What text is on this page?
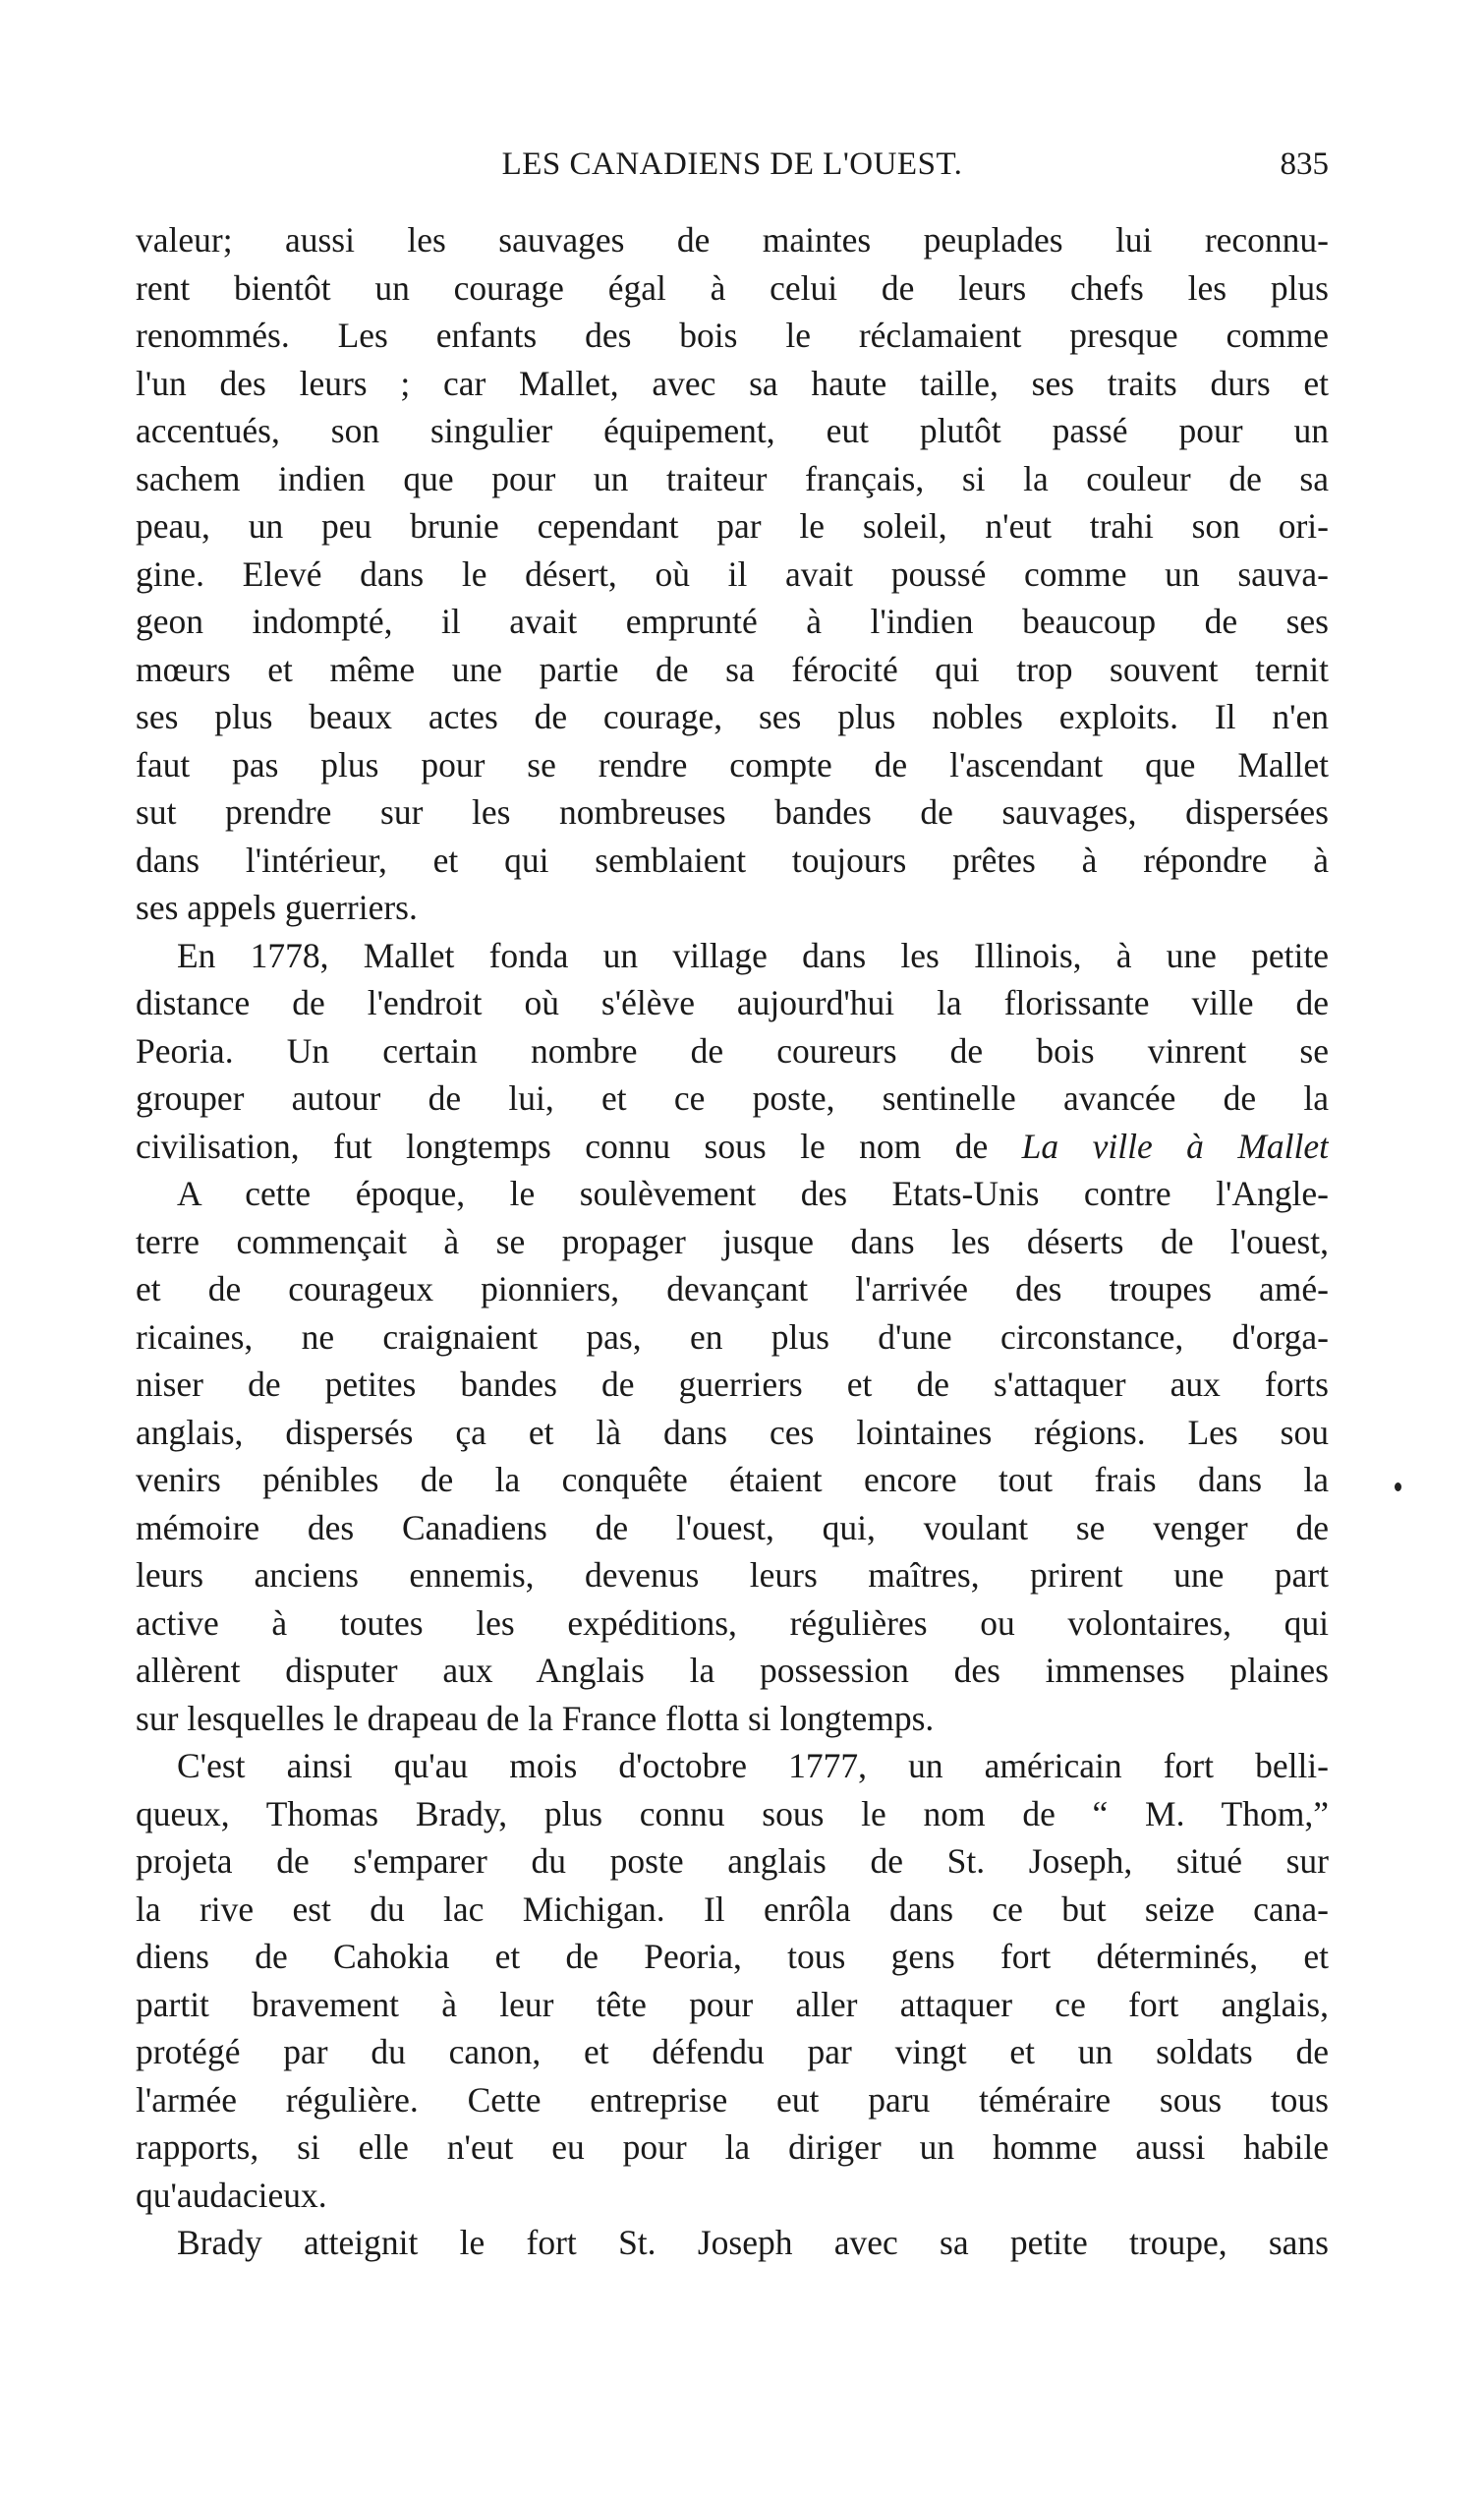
LES CANADIENS DE L'OUEST.	835
valeur; aussi les sauvages de maintes peuplades lui reconnu-
rent bientôt un courage égal à celui de leurs chefs les plus
renommés. Les enfants des bois le réclamaient presque comme
l'un des leurs ; car Mallet, avec sa haute taille, ses traits durs et
accentués, son singulier équipement, eut plutôt passé pour un
sachem indien que pour un traiteur français, si la couleur de sa
peau, un peu brunie cependant par le soleil, n'eut trahi son ori-
gine. Elevé dans le désert, où il avait poussé comme un sauva-
geon indompté, il avait emprunté à l'indien beaucoup de ses
mœurs et même une partie de sa férocité qui trop souvent ternit
ses plus beaux actes de courage, ses plus nobles exploits. Il n'en
faut pas plus pour se rendre compte de l'ascendant que Mallet
sut prendre sur les nombreuses bandes de sauvages, dispersées
dans l'intérieur, et qui semblaient toujours prêtes à répondre à
ses appels guerriers.
En 1778, Mallet fonda un village dans les Illinois, à une petite
distance de l'endroit où s'élève aujourd'hui la florissante ville de
Peoria. Un certain nombre de coureurs de bois vinrent se
grouper autour de lui, et ce poste, sentinelle avancée de la
civilisation, fut longtemps connu sous le nom de La ville à Mallet
A cette époque, le soulèvement des Etats-Unis contre l'Angle-
terre commençait à se propager jusque dans les déserts de l'ouest,
et de courageux pionniers, devançant l'arrivée des troupes amé-
ricaines, ne craignaient pas, en plus d'une circonstance, d'orga-
niser de petites bandes de guerriers et de s'attaquer aux forts
anglais, dispersés ça et là dans ces lointaines régions. Les sou
venirs pénibles de la conquête étaient encore tout frais dans la
mémoire des Canadiens de l'ouest, qui, voulant se venger de
leurs anciens ennemis, devenus leurs maîtres, prirent une part
active à toutes les expéditions, régulières ou volontaires, qui
allèrent disputer aux Anglais la possession des immenses plaines
sur lesquelles le drapeau de la France flotta si longtemps.
C'est ainsi qu'au mois d'octobre 1777, un américain fort belli-
queux, Thomas Brady, plus connu sous le nom de “ M. Thom,”
projeta de s'emparer du poste anglais de St. Joseph, situé sur
la rive est du lac Michigan. Il enrôla dans ce but seize cana-
diens de Cahokia et de Peoria, tous gens fort déterminés, et
partit bravement à leur tête pour aller attaquer ce fort anglais,
protégé par du canon, et défendu par vingt et un soldats de
l'armée régulière. Cette entreprise eut paru téméraire sous tous
rapports, si elle n'eut eu pour la diriger un homme aussi habile
qu'audacieux.
Brady atteignit le fort St. Joseph avec sa petite troupe, sans
